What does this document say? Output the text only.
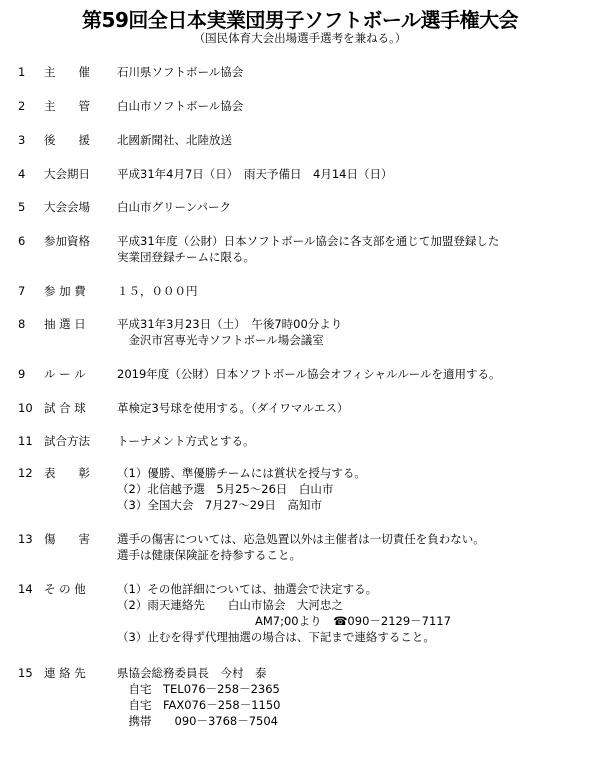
第59回全日本実業団男子ソフトボール選手権大会
（国民体育大会出場選手選考を兼ねる。）
1 主　　催 石川県ソフトボール協会
2 主　　管 白山市ソフトボール協会
3 後　　援 北國新聞社、北陸放送
4 大会期日 平成31年4月7日（日）　雨天予備日　4月14日（日）
5 大会会場 白山市グリーンパーク
6 参加資格 平成31年度（公財）日本ソフトボール協会に各支部を通じて加盟登録した
実業団登録チームに限る。
7 参 加 費	１５，０００円
8 抽 選 日	平成31年3月23日（土）　午後7時00分より
　金沢市宮専光寺ソフトボール場会議室
9 ル ー ル	2019年度（公財）日本ソフトボール協会オフィシャルルールを適用する。
10 試 合 球	革検定3号球を使用する。（ダイワマルエス）
11 試合方法 トーナメント方式とする。
12 表　　彰 （1）優勝、準優勝チームには賞状を授与する。
（2）北信越予選　5月25〜26日　白山市
（3）全国大会　7月27〜29日　高知市
13 傷　　害 選手の傷害については、応急処置以外は主催者は一切責任を負わない。
選手は健康保険証を持参すること。
14 そ の 他	（1）その他詳細については、抽選会で決定する。
（2）雨天連絡先　　白山市協会　大河忠之
　　　　　　　　　　　　AM7;00より　☎090－2129－7117
（3）止むを得ず代理抽選の場合は、下記まで連絡すること。
15 連 絡 先	県協会総務委員長　今村　泰
　自宅　TEL076－258－2365
　自宅　FAX076－258－1150
　携帯　　090－3768－7504
